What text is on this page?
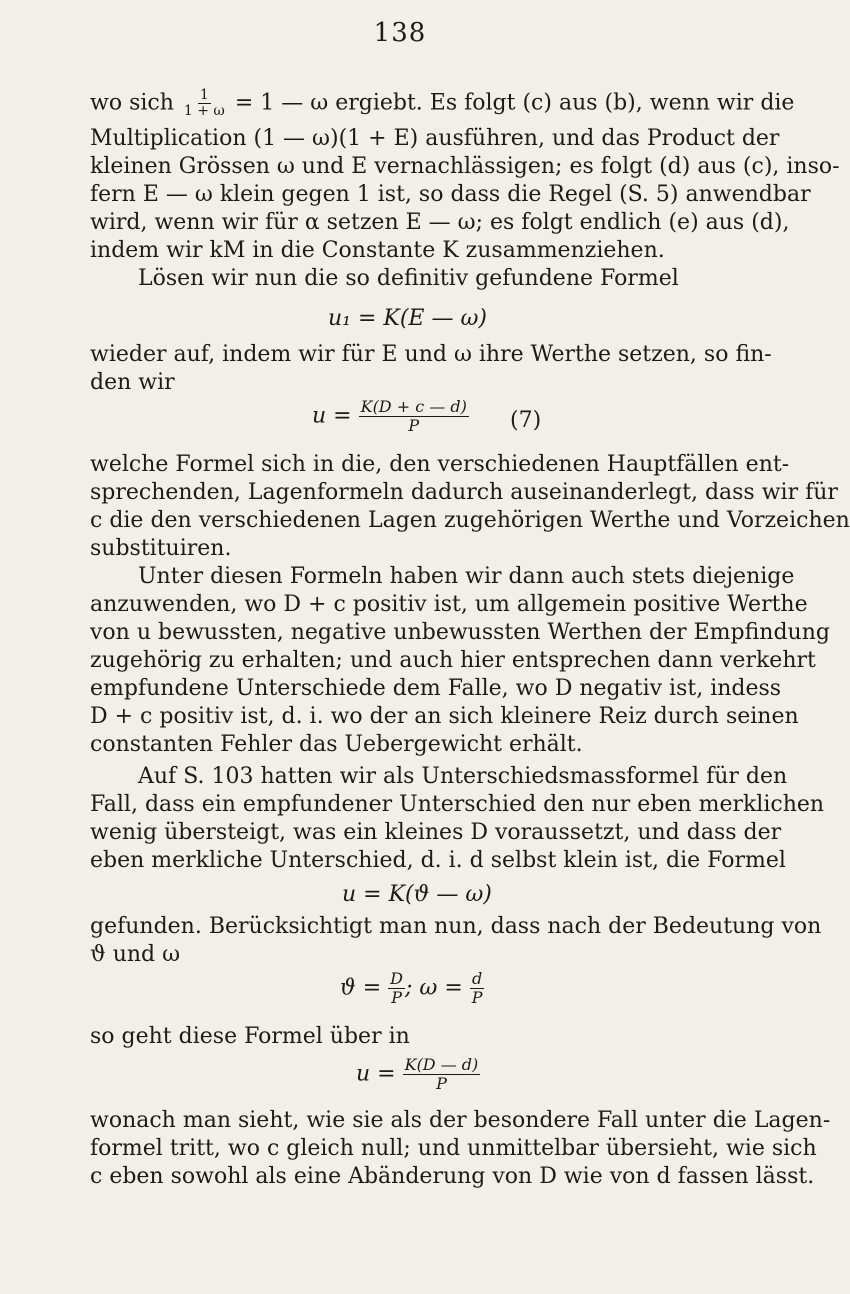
138
wo sich $\frac{1}{1 + \omega} = 1$ — ω ergiebt. Es folgt (c) aus (b), wenn wir die
Multiplication (1 — ω)(1 + E) ausführen, und das Product der
kleinen Grössen ω und E vernachlässigen; es folgt (d) aus (c), inso-
fern E — ω klein gegen 1 ist, so dass die Regel (S. 5) anwendbar
wird, wenn wir für α setzen E — ω; es folgt endlich (e) aus (d),
indem wir kM in die Constante K zusammenziehen.
Lösen wir nun die so definitiv gefundene Formel
u₁ = K(E — ω)
wieder auf, indem wir für E und ω ihre Werthe setzen, so fin-
den wir
$u = \frac{K(D + c — d)}{P} (7)$
welche Formel sich in die, den verschiedenen Hauptfällen ent-
sprechenden, Lagenformeln dadurch auseinanderlegt, dass wir für
c die den verschiedenen Lagen zugehörigen Werthe und Vorzeichen
substituiren.
Unter diesen Formeln haben wir dann auch stets diejenige
anzuwenden, wo D + c positiv ist, um allgemein positive Werthe
von u bewussten, negative unbewussten Werthen der Empfindung
zugehörig zu erhalten; und auch hier entsprechen dann verkehrt
empfundene Unterschiede dem Falle, wo D negativ ist, indess
D + c positiv ist, d. i. wo der an sich kleinere Reiz durch seinen
constanten Fehler das Uebergewicht erhält.
Auf S. 103 hatten wir als Unterschiedsmassformel für den
Fall, dass ein empfundener Unterschied den nur eben merklichen
wenig übersteigt, was ein kleines D voraussetzt, und dass der
eben merkliche Unterschied, d. i. d selbst klein ist, die Formel
u = K(ϑ — ω)
gefunden. Berücksichtigt man nun, dass nach der Bedeutung von
ϑ und ω
$ϑ = \frac{D}{P}$ ; $\omega = \frac{d}{P}$
so geht diese Formel über in
$u = \frac{K(D — d)}{P}$
wonach man sieht, wie sie als der besondere Fall unter die Lagen-
formel tritt, wo c gleich null; und unmittelbar übersieht, wie sich
c eben sowohl als eine Abänderung von D wie von d fassen lässt.
